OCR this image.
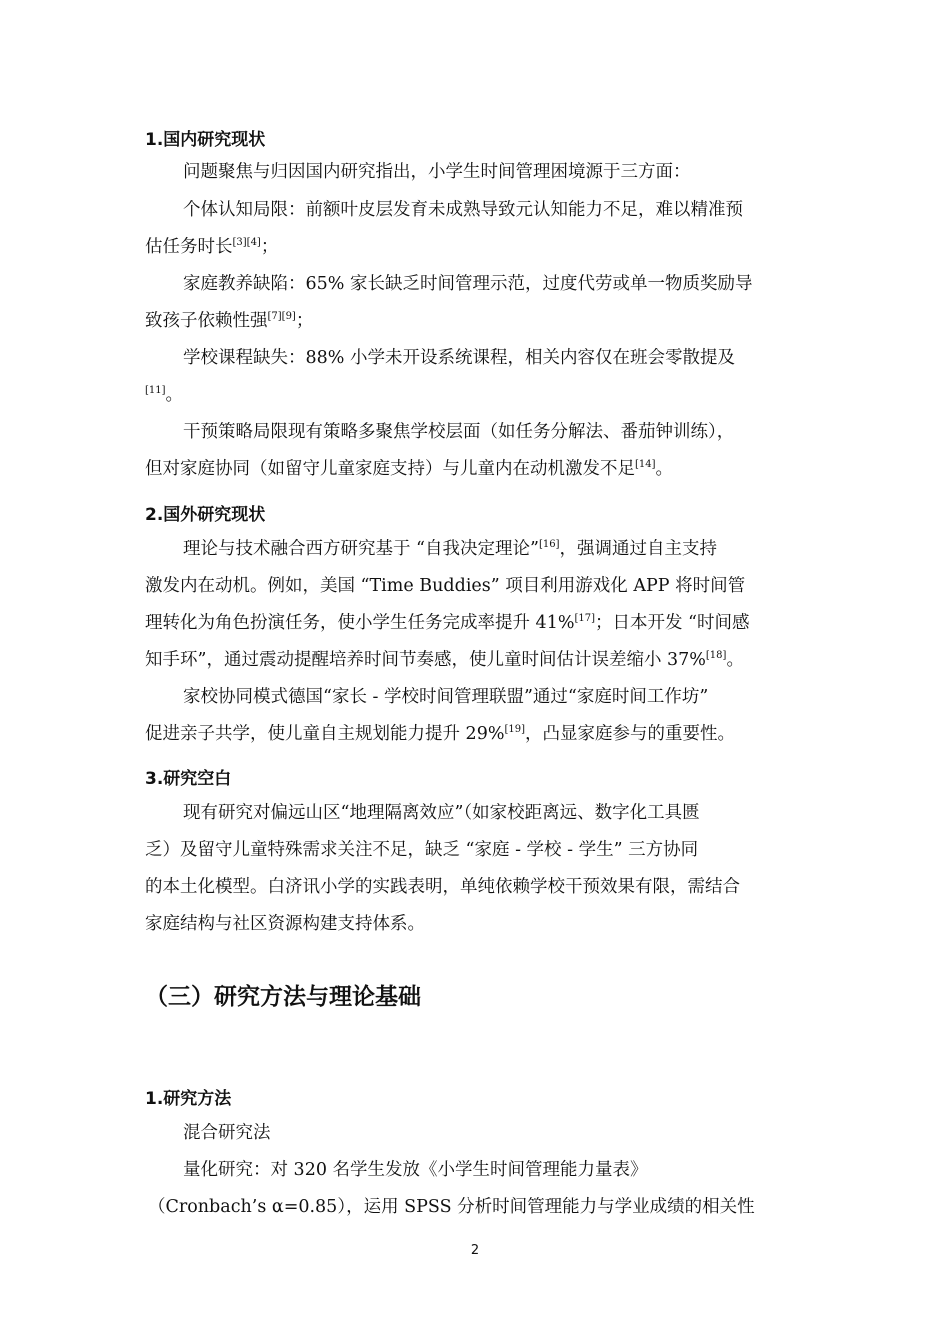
1.国内研究现状
问题聚焦与归因国内研究指出，小学生时间管理困境源于三方面：
个体认知局限：前额叶皮层发育未成熟导致元认知能力不足，难以精准预
估任务时长[3][4]；
家庭教养缺陷：65% 家长缺乏时间管理示范，过度代劳或单一物质奖励导
致孩子依赖性强[7][9]；
学校课程缺失：88% 小学未开设系统课程，相关内容仅在班会零散提及
[11]。
干预策略局限现有策略多聚焦学校层面（如任务分解法、番茄钟训练），
但对家庭协同（如留守儿童家庭支持）与儿童内在动机激发不足[14]。
2.国外研究现状
理论与技术融合西方研究基于 “自我决定理论”[16]，强调通过自主支持
激发内在动机。例如，美国 “Time Buddies” 项目利用游戏化 APP 将时间管
理转化为角色扮演任务，使小学生任务完成率提升 41%[17]；日本开发 “时间感
知手环”，通过震动提醒培养时间节奏感，使儿童时间估计误差缩小 37%[18]。
家校协同模式德国“家长 - 学校时间管理联盟”通过“家庭时间工作坊”
促进亲子共学，使儿童自主规划能力提升 29%[19]，凸显家庭参与的重要性。
3.研究空白
现有研究对偏远山区“地理隔离效应”（如家校距离远、数字化工具匮
乏）及留守儿童特殊需求关注不足，缺乏 “家庭 - 学校 - 学生” 三方协同
的本土化模型。白济讯小学的实践表明，单纯依赖学校干预效果有限，需结合
家庭结构与社区资源构建支持体系。
（三）研究方法与理论基础
1.研究方法
混合研究法
量化研究：对 320 名学生发放《小学生时间管理能力量表》
（Cronbach’s α=0.85），运用 SPSS 分析时间管理能力与学业成绩的相关性
2
